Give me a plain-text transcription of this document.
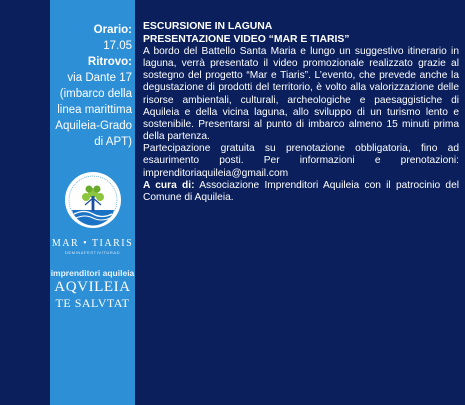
Orario:
17.05
Ritrovo:
via Dante 17
(imbarco della
linea marittima
Aquileia-Grado
di APT)
MAR • TIARIS
DEMINAFESTIVITURAD
imprenditori aquileia
AQVILEIA
TE SALVTAT
ESCURSIONE IN LAGUNA
PRESENTAZIONE VIDEO “MAR E TIARIS”
A bordo del Battello Santa Maria e lungo un suggestivo itinerario in laguna, verrà presentato il video promozionale realizzato grazie al sostegno del progetto “Mar e Tiaris”. L’evento, che prevede anche la degustazione di prodotti del territorio, è volto alla valorizzazione delle risorse ambientali, culturali, archeologiche e paesaggistiche di Aquileia e della vicina laguna, allo sviluppo di un turismo lento e sostenibile. Presentarsi al punto di imbarco almeno 15 minuti prima della partenza.
Partecipazione gratuita su prenotazione obbligatoria, fino ad esaurimento posti. Per informazioni e prenotazioni: imprenditoriaquileia@gmail.com
A cura di: Associazione Imprenditori Aquileia con il patrocinio del Comune di Aquileia.
